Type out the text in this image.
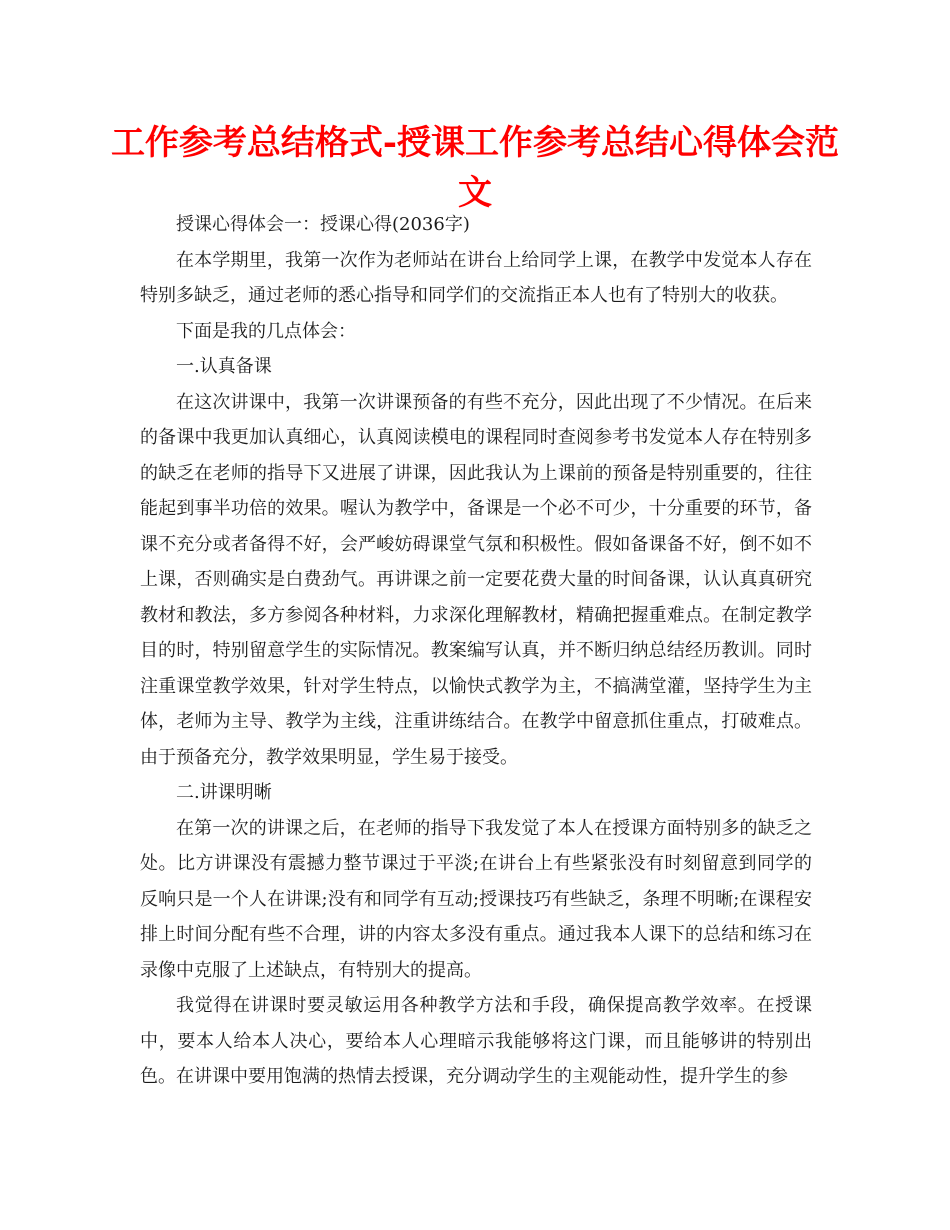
工作参考总结格式-授课工作参考总结心得体会范文

授课心得体会一：授课心得(2036字)

在本学期里，我第一次作为老师站在讲台上给同学上课，在教学中发觉本人存在特别多缺乏，通过老师的悉心指导和同学们的交流指正本人也有了特别大的收获。

下面是我的几点体会：

一.认真备课

在这次讲课中，我第一次讲课预备的有些不充分，因此出现了不少情况。在后来的备课中我更加认真细心，认真阅读模电的课程同时查阅参考书发觉本人存在特别多的缺乏在老师的指导下又进展了讲课，因此我认为上课前的预备是特别重要的，往往能起到事半功倍的效果。喔认为教学中，备课是一个必不可少，十分重要的环节，备课不充分或者备得不好，会严峻妨碍课堂气氛和积极性。假如备课备不好，倒不如不上课，否则确实是白费劲气。再讲课之前一定要花费大量的时间备课，认认真真研究教材和教法，多方参阅各种材料，力求深化理解教材，精确把握重难点。在制定教学目的时，特别留意学生的实际情况。教案编写认真，并不断归纳总结经历教训。同时注重课堂教学效果，针对学生特点，以愉快式教学为主，不搞满堂灌，坚持学生为主体，老师为主导、教学为主线，注重讲练结合。在教学中留意抓住重点，打破难点。由于预备充分，教学效果明显，学生易于接受。

二.讲课明晰

在第一次的讲课之后，在老师的指导下我发觉了本人在授课方面特别多的缺乏之处。比方讲课没有震撼力整节课过于平淡;在讲台上有些紧张没有时刻留意到同学的反响只是一个人在讲课;没有和同学有互动;授课技巧有些缺乏，条理不明晰;在课程安排上时间分配有些不合理，讲的内容太多没有重点。通过我本人课下的总结和练习在录像中克服了上述缺点，有特别大的提高。

我觉得在讲课时要灵敏运用各种教学方法和手段，确保提高教学效率。在授课中，要本人给本人决心，要给本人心理暗示我能够将这门课，而且能够讲的特别出色。在讲课中要用饱满的热情去授课，充分调动学生的主观能动性，提升学生的参
